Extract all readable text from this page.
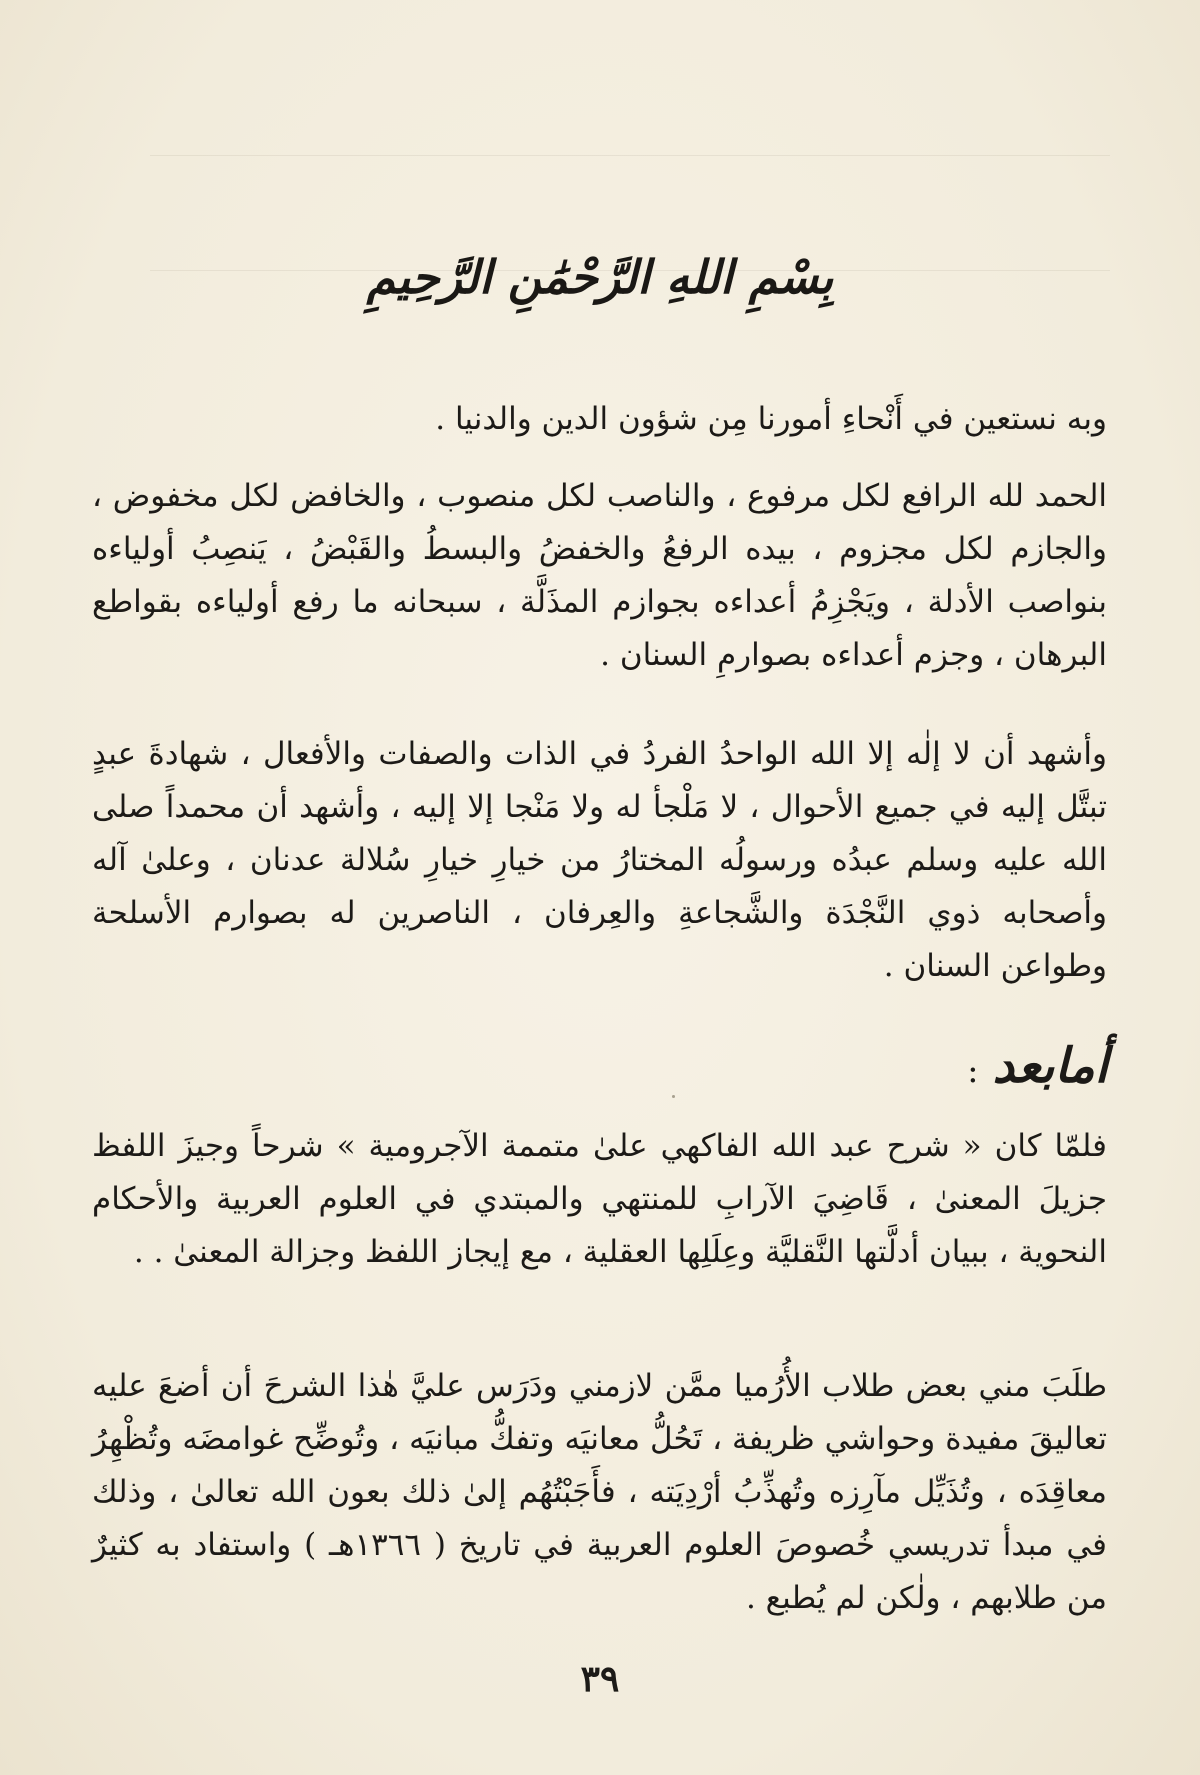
بِسْمِ اللهِ الرَّحْمَٰنِ الرَّحِيمِ

وبه نستعين في أَنْحاءِ أمورنا مِن شؤون الدين والدنيا .

الحمد لله الرافع لكل مرفوع ، والناصب لكل منصوب ، والخافض لكل مخفوض ، والجازم لكل مجزوم ، بيده الرفعُ والخفضُ والبسطُ والقَبْضُ ، يَنصِبُ أولياءه بنواصب الأدلة ، ويَجْزِمُ أعداءه بجوازم المذَلَّة ، سبحانه ما رفع أولياءه بقواطع البرهان ، وجزم أعداءه بصوارمِ السنان .

وأشهد أن لا إلٰه إلا الله الواحدُ الفردُ في الذات والصفات والأفعال ، شهادةَ عبدٍ تبتَّل إليه في جميع الأحوال ، لا مَلْجأ له ولا مَنْجا إلا إليه ، وأشهد أن محمداً صلى الله عليه وسلم عبدُه ورسولُه المختارُ من خيارِ خيارِ سُلالة عدنان ، وعلىٰ آله وأصحابه ذوي النَّجْدَة والشَّجاعةِ والعِرفان ، الناصرين له بصوارم الأسلحة وطواعن السنان .

أمابعد:

فلمّا كان « شرح عبد الله الفاكهي علىٰ متممة الآجرومية » شرحاً وجيزَ اللفظ جزيلَ المعنىٰ ، قَاضِيَ الآرابِ للمنتهي والمبتدي في العلوم العربية والأحكام النحوية ، ببيان أدلَّتها النَّقليَّة وعِلَلِها العقلية ، مع إيجاز اللفظ وجزالة المعنىٰ . .

طلَبَ مني بعض طلاب الأُرُميا ممَّن لازمني ودَرَس عليَّ هٰذا الشرحَ أن أضعَ عليه تعاليقَ مفيدة وحواشي ظريفة ، تَحُلُّ معانيَه وتفكُّ مبانيَه ، وتُوضِّح غوامضَه وتُظْهِرُ معاقِدَه ، وتُذَيِّل مآرِزه وتُهذِّبُ أرْدِيَته ، فأَجَبْتُهُم إلىٰ ذلك بعون الله تعالىٰ ، وذلك في مبدأ تدريسي خُصوصَ العلوم العربية في تاريخ ( ١٣٦٦هـ ) واستفاد به كثيرٌ من طلابهم ، ولٰكن لم يُطبع .

٣٩
